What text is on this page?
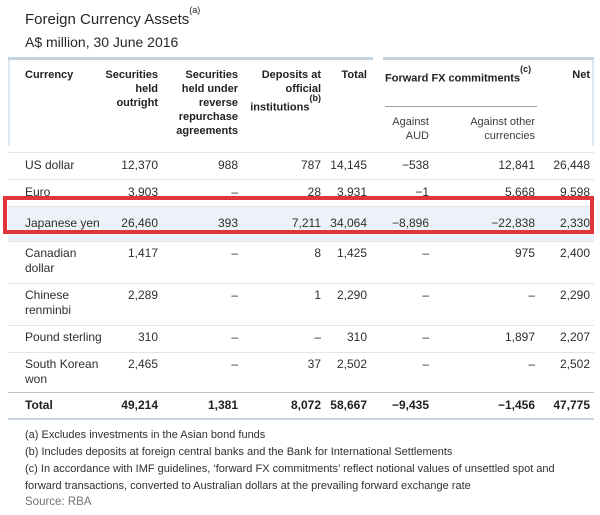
Foreign Currency Assets$^{(a)}$
A$ million, 30 June 2016
Currency	Securities held outright	Securities held under reverse repurchase agreements	Deposits at official institutions$^{(b)}$	Total	Forward FX commitments$^{(c)}$		Net
					Against AUD	Against other currencies	
US dollar	12,370	988	787	14,145	−538	12,841	26,448
Euro	3,903	–	28	3,931	−1	5,668	9,598
Japanese yen	26,460	393	7,211	34,064	−8,896	−22,838	2,330
Canadian dollar	1,417	–	8	1,425	–	975	2,400
Chinese renminbi	2,289	–	1	2,290	–	–	2,290
Pound sterling	310	–	–	310	–	1,897	2,207
South Korean won	2,465	–	37	2,502	–	–	2,502
Total	49,214	1,381	8,072	58,667	−9,435	−1,456	47,775

(a) Excludes investments in the Asian bond funds

(b) Includes deposits at foreign central banks and the Bank for International Settlements

(c) In accordance with IMF guidelines, ‘forward FX commitments’ reflect notional values of unsettled spot and forward transactions, converted to Australian dollars at the prevailing forward exchange rate

Source: RBA
